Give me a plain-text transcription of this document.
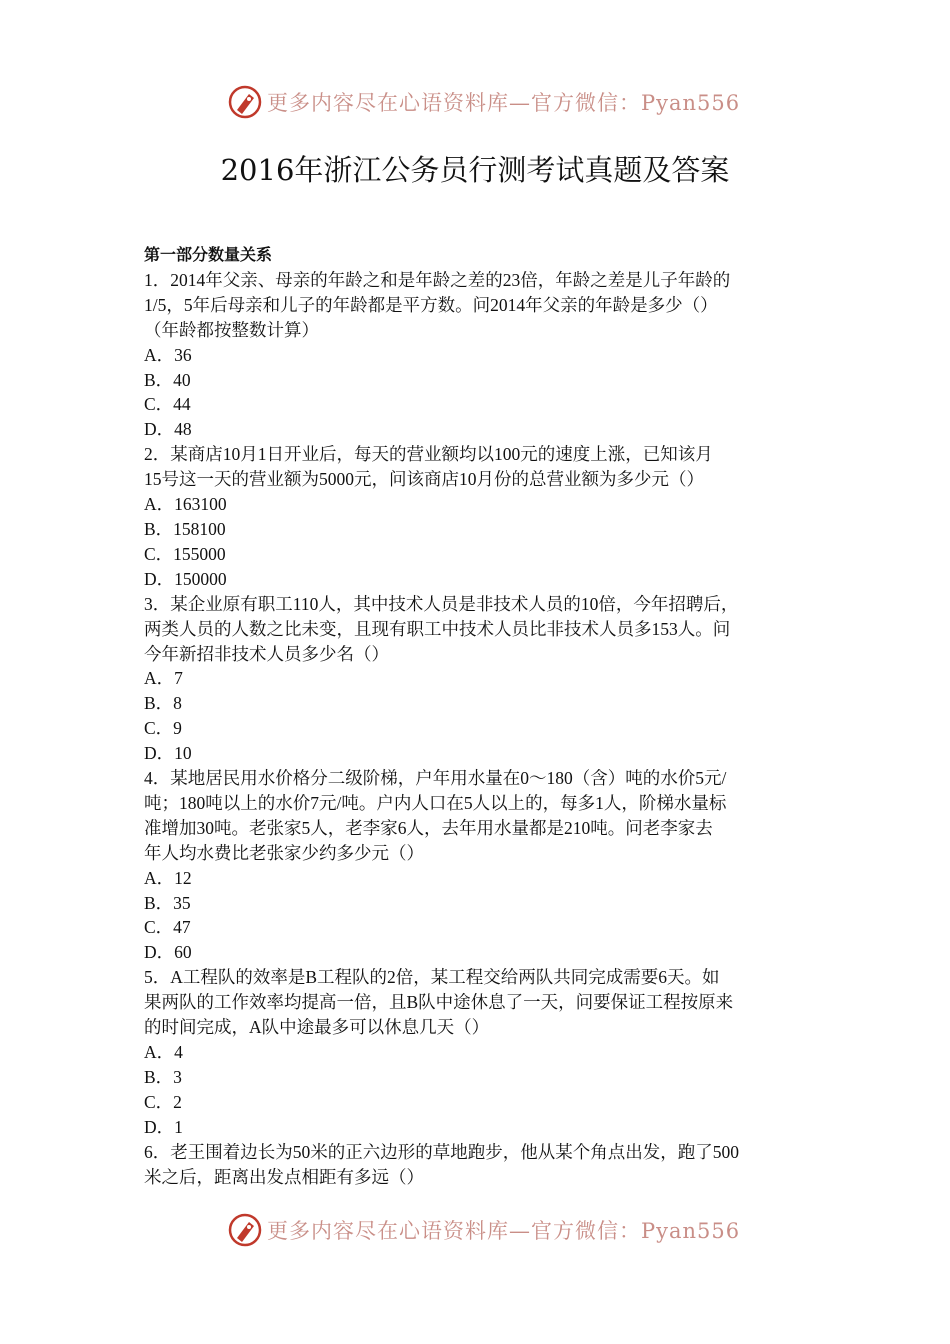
更多内容尽在心语资料库—官方微信：Pyan556
2016年浙江公务员行测考试真题及答案
第一部分数量关系
1．2014年父亲、母亲的年龄之和是年龄之差的23倍，年龄之差是儿子年龄的
1/5，5年后母亲和儿子的年龄都是平方数。问2014年父亲的年龄是多少（）
（年龄都按整数计算）
A．36
B．40
C．44
D．48
2．某商店10月1日开业后，每天的营业额均以100元的速度上涨，已知该月
15号这一天的营业额为5000元，问该商店10月份的总营业额为多少元（）
A．163100
B．158100
C．155000
D．150000
3．某企业原有职工110人，其中技术人员是非技术人员的10倍，今年招聘后，
两类人员的人数之比未变，且现有职工中技术人员比非技术人员多153人。问
今年新招非技术人员多少名（）
A．7
B．8
C．9
D．10
4．某地居民用水价格分二级阶梯，户年用水量在0～180（含）吨的水价5元/
吨；180吨以上的水价7元/吨。户内人口在5人以上的，每多1人，阶梯水量标
准增加30吨。老张家5人，老李家6人，去年用水量都是210吨。问老李家去
年人均水费比老张家少约多少元（）
A．12
B．35
C．47
D．60
5．A工程队的效率是B工程队的2倍，某工程交给两队共同完成需要6天。如
果两队的工作效率均提高一倍，且B队中途休息了一天，问要保证工程按原来
的时间完成，A队中途最多可以休息几天（）
A．4
B．3
C．2
D．1
6．老王围着边长为50米的正六边形的草地跑步，他从某个角点出发，跑了500
米之后，距离出发点相距有多远（）
更多内容尽在心语资料库—官方微信：Pyan556
